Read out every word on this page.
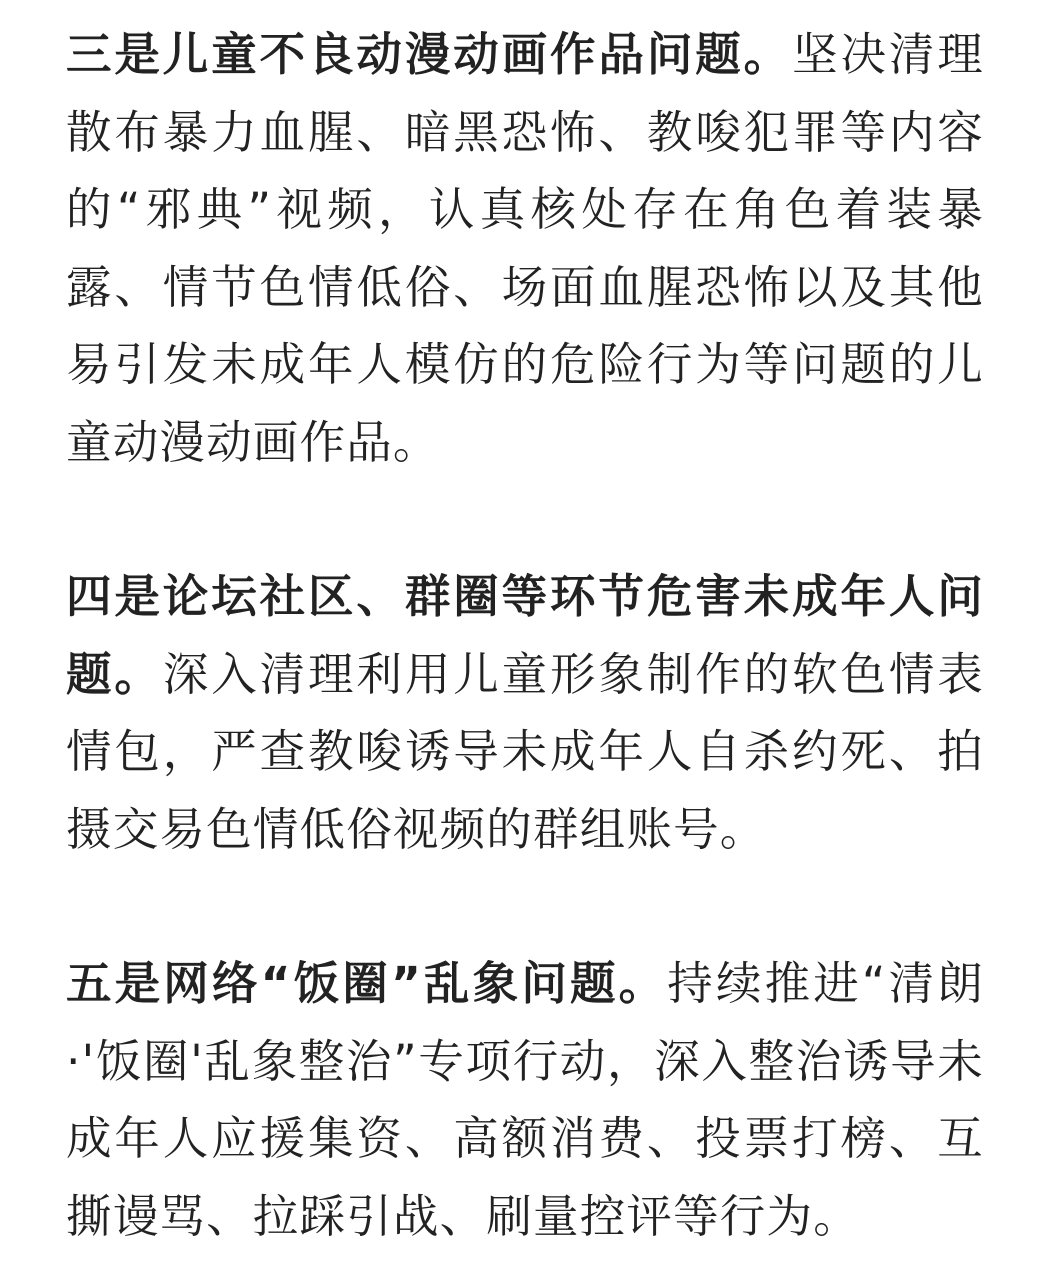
三是儿童不良动漫动画作品问题。坚决清理散布暴力血腥、暗黑恐怖、教唆犯罪等内容的“邪典”视频，认真核处存在角色着装暴露、情节色情低俗、场面血腥恐怖以及其他易引发未成年人模仿的危险行为等问题的儿童动漫动画作品。

四是论坛社区、群圈等环节危害未成年人问题。深入清理利用儿童形象制作的软色情表情包，严查教唆诱导未成年人自杀约死、拍摄交易色情低俗视频的群组账号。

五是网络“饭圈”乱象问题。持续推进“清朗·'饭圈'乱象整治”专项行动，深入整治诱导未成年人应援集资、高额消费、投票打榜、互撕谩骂、拉踩引战、刷量控评等行为。
